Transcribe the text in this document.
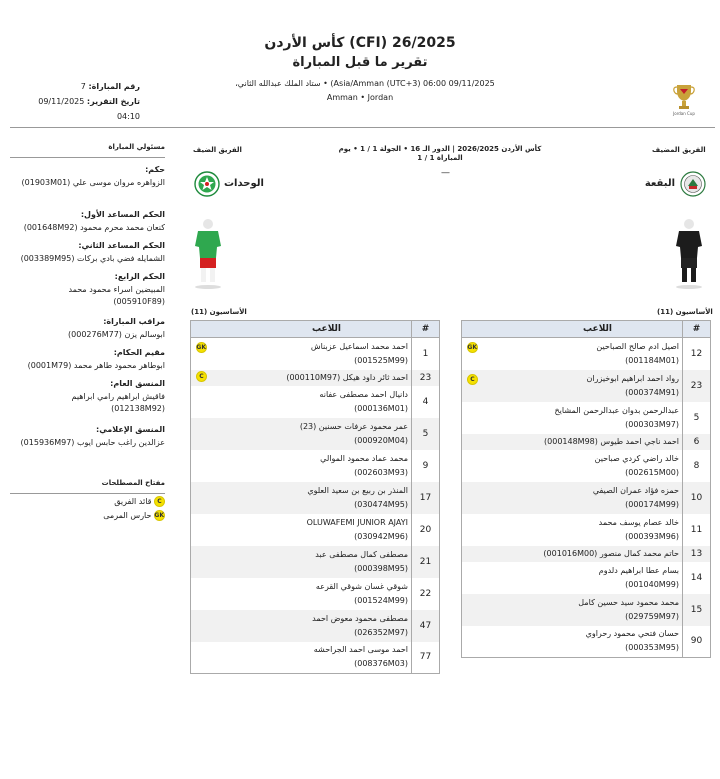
كأس الأردن (CFI) 26/2025
تقرير ما قبل المباراة
09/11/2025 06:00 (UTC+3) Asia/Amman) • ستاد الملك عبدالله الثاني،
Amman • Jordan
Jordan Cup
رقم المباراة: 7
تاريخ التقرير: 09/11/2025
04:10
مسئولي المباراة
حكم:
الزواهره مروان موسى علي (01903M01)
الحكم المساعد الأول:
كنعان محمد محرم محمود (001648M92)
الحكم المساعد الثاني:
الشمايله فضي بادي بركات (003389M95)
الحكم الرابع:
المبيضين اسراء محمود محمد
(005910F89)
مراقب المباراة:
ابوسالم يزن (000276M77)
مقيم الحكام:
ابوطاهر محمود طاهر محمد (0001M79)
المنسق العام:
فاقيش ابراهيم رامي ابراهيم
(012138M92)
المنسق الإعلامي:
عزالدين راغب حابس ايوب (015936M97)
مفتاح المصطلحات
C قائد الفريق
GK حارس المرمى
الفريق المضيف
الفريق الضيف	كأس الأردن 2026/2025 | الدور الـ 16 • الجولة 1 / 1 • يوم
المباراة 1 / 1
—
البقعة
الوحدات
الأساسيون (11)
الأساسيون (11)
#	اللاعب
12	GK اصيل ادم صالح الصباحين
(001184M01)

23	C رواد احمد ابراهيم ابوخيزران
(000374M91)

5	عبدالرحمن بدوان عبدالرحمن المشايخ
(000303M97)

6	احمد ناجي احمد طيوس (000148M98)

8	خالد راضي كردي صباحين
(002615M00)

10	حمزه فؤاد عمران الصيفي
(000174M99)

11	خالد عصام يوسف محمد
(000393M96)

13	حاتم محمد كمال منصور (001016M00)

14	بسام عطا ابراهيم دلدوم
(001040M99)

15	محمد محمود سيد حسين كامل
(029759M97)

90	حسان فتحي محمود رحراوي
(000353M95)
#	اللاعب
1	GK احمد محمد اسماعيل عزبناش
(001525M99)

23	C احمد ثائر داود هيكل (000110M97)

4	دانيال احمد مصطفى عفانه
(000136M01)

5	عمر محمود عرفات حسنين (23)
(000920M04)

9	محمد عماد محمود الموالي
(002603M93)

17	المنذر بن ربيع بن سعيد العلوي
(030474M95)

20	OLUWAFEMI JUNIOR AJAYI
(030942M96)

21	مصطفى كمال مصطفى عبد
(000398M95)

22	شوقي غسان شوقي القرعه
(001524M99)

47	مصطفى محمود معوض احمد
(026352M97)

77	احمد موسى احمد الجراحشه
(008376M03)
